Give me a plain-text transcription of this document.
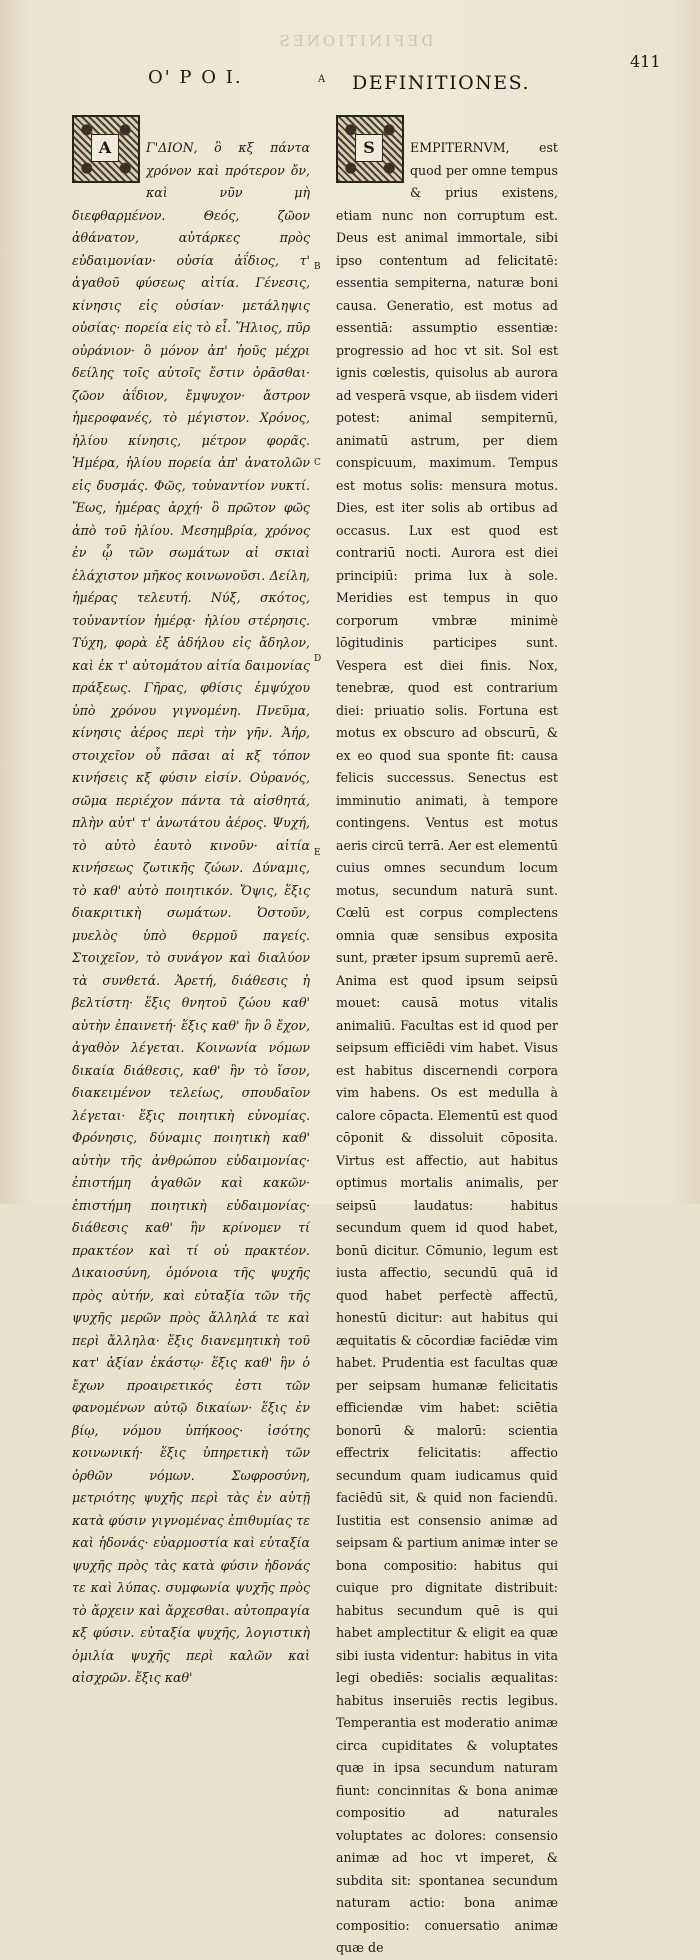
DEFINITIONES
411
Ο' Ρ Ο Ι.	A DEFINITIONES.

A	Γ'ΔΙΟΝ, ὃ κξ πάντα χρόνον καὶ πρότερον ὄν, καὶ νῦν μὴ διεφθαρμένον. Θεός, ζῶον ἀθάνατον, αὐτάρκες πρὸς εὐδαιμονίαν· οὐσία ἀΐδιος, τ' ἀγαθοῦ φύσεως αἰτία. Γένεσις, κίνησις εἰς οὐσίαν· μετάληψις οὐσίας· πορεία εἰς τὸ εἶ. Ἥλιος, πῦρ οὐράνιον· ὃ μόνον ἀπ' ἠοῦς μέχρι δείλης τοῖς αὐτοῖς ἔστιν ὁρᾶσθαι· ζῶον ἀΐδιον, ἔμψυχον· ἄστρον ἡμεροφανές, τὸ μέγιστον. Χρόνος, ἡλίου κίνησις, μέτρον φορᾶς. Ἡμέρα, ἡλίου πορεία ἀπ' ἀνατολῶν εἰς δυσμάς. Φῶς, τοὐναντίον νυκτί. Ἕως, ἡμέρας ἀρχή· ὃ πρῶτον φῶς ἀπὸ τοῦ ἡλίου. Μεσημβρία, χρόνος ἐν ᾧ τῶν σωμάτων αἱ σκιαὶ ἐλάχιστον μῆκος κοινωνοῦσι. Δείλη, ἡμέρας τελευτή. Νύξ, σκότος, τοὐναντίον ἡμέρᾳ· ἡλίου στέρησις. Τύχη, φορὰ ἐξ ἀδήλου εἰς ἄδηλον, καὶ ἐκ τ' αὐτομάτου αἰτία δαιμονίας πράξεως. Γῆρας, φθίσις ἐμψύχου ὑπὸ χρόνου γιγνομένη. Πνεῦμα, κίνησις ἀέρος περὶ τὴν γῆν. Ἀήρ, στοιχεῖον οὗ πᾶσαι αἱ κξ τόπον κινήσεις κξ φύσιν εἰσίν. Οὐρανός, σῶμα περιέχον πάντα τὰ αἰσθητά, πλὴν αὐτ' τ' ἀνωτάτου ἀέρος. Ψυχή, τὸ αὐτὸ ἑαυτὸ κινοῦν· αἰτία κινήσεως ζωτικῆς ζώων. Δύναμις, τὸ καθ' αὑτὸ ποιητικόν. Ὄψις, ἕξις διακριτικὴ σωμάτων. Ὀστοῦν, μυελὸς ὑπὸ θερμοῦ παγείς. Στοιχεῖον, τὸ συνάγον καὶ διαλύον τὰ συνθετά. Ἀρετή, διάθεσις ἡ βελτίστη· ἕξις θνητοῦ ζώου καθ' αὑτὴν ἐπαινετή· ἕξις καθ' ἣν ὃ ἔχον, ἀγαθὸν λέγεται. Κοινωνία νόμων δικαία διάθεσις, καθ' ἣν τὸ ἴσον, διακειμένον τελείως, σπουδαῖον λέγεται· ἕξις ποιητικὴ εὐνομίας. Φρόνησις, δύναμις ποιητικὴ καθ' αὑτὴν τῆς ἀνθρώπου εὐδαιμονίας· ἐπιστήμη ἀγαθῶν καὶ κακῶν· ἐπιστήμη ποιητικὴ εὐδαιμονίας· διάθεσις καθ' ἣν κρίνομεν τί πρακτέον καὶ τί οὐ πρακτέον. Δικαιοσύνη, ὁμόνοια τῆς ψυχῆς πρὸς αὑτήν, καὶ εὐταξία τῶν τῆς ψυχῆς μερῶν πρὸς ἄλληλά τε καὶ περὶ ἄλληλα· ἕξις διανεμητικὴ τοῦ κατ' ἀξίαν ἑκάστῳ· ἕξις καθ' ἣν ὁ ἔχων προαιρετικός ἐστι τῶν φανομένων αὐτῷ δικαίων· ἕξις ἐν βίῳ, νόμου ὑπήκοος· ἰσότης κοινωνική· ἕξις ὑπηρετικὴ τῶν ὀρθῶν νόμων. Σωφροσύνη, μετριότης ψυχῆς περὶ τὰς ἐν αὐτῇ κατὰ φύσιν γιγνομένας ἐπιθυμίας τε καὶ ἡδονάς· εὐαρμοστία καὶ εὐταξία ψυχῆς πρὸς τὰς κατὰ φύσιν ἡδονάς τε καὶ λύπας. συμφωνία ψυχῆς πρὸς τὸ ἄρχειν καὶ ἄρχεσθαι. αὐτοπραγία κξ φύσιν. εὐταξία ψυχῆς, λογιστικὴ ὁμιλία ψυχῆς περὶ καλῶν καὶ αἰσχρῶν. ἕξις καθ'

S	EMPITERNVM, est quod per omne tempus & prius existens, etiam nunc non corruptum est. Deus est animal immortale, sibi ipso contentum ad felicitatē: essentia sempiterna, naturæ boni causa. Generatio, est motus ad essentiā: assumptio essentiæ: progressio ad hoc vt sit. Sol est ignis cœlestis, quisolus ab aurora ad vesperā vsque, ab iisdem videri potest: animal sempiternū, animatū astrum, per diem conspicuum, maximum. Tempus est motus solis: mensura motus. Dies, est iter solis ab ortibus ad occasus. Lux est quod est contrariū nocti. Aurora est diei principiū: prima lux à sole. Meridies est tempus in quo corporum vmbræ minimè lōgitudinis participes sunt. Vespera est diei finis. Nox, tenebræ, quod est contrarium diei: priuatio solis. Fortuna est motus ex obscuro ad obscurū, & ex eo quod sua sponte fit: causa felicis successus. Senectus est imminutio animati, à tempore contingens. Ventus est motus aeris circū terrā. Aer est elementū cuius omnes secundum locum motus, secundum naturā sunt. Cœlū est corpus complectens omnia quæ sensibus exposita sunt, præter ipsum supremū aerē. Anima est quod ipsum seipsū mouet: causā motus vitalis animaliū. Facultas est id quod per seipsum efficiēdi vim habet. Visus est habitus discernendi corpora vim habens. Os est medulla à calore cōpacta. Elementū est quod cōponit & dissoluit cōposita. Virtus est affectio, aut habitus optimus mortalis animalis, per seipsū laudatus: habitus secundum quem id quod habet, bonū dicitur. Cōmunio, legum est iusta affectio, secundū quā id quod habet perfectè affectū, honestū dicitur: aut habitus qui æquitatis & cōcordiæ faciēdæ vim habet. Prudentia est facultas quæ per seipsam humanæ felicitatis efficiendæ vim habet: sciētia bonorū & malorū: scientia effectrix felicitatis: affectio secundum quam iudicamus quid faciēdū sit, & quid non faciendū. Iustitia est consensio animæ ad seipsam & partium animæ inter se bona compositio: habitus qui cuique pro dignitate distribuit: habitus secundum quē is qui habet amplectitur & eligit ea quæ sibi iusta videntur: habitus in vita legi obediēs: socialis æqualitas: habitus inseruiēs rectis legibus. Temperantia est moderatio animæ circa cupiditates & voluptates quæ in ipsa secundum naturam fiunt: concinnitas & bona animæ compositio ad naturales voluptates ac dolores: consensio animæ ad hoc vt imperet, & subdita sit: spontanea secundum naturam actio: bona animæ compositio: conuersatio animæ quæ de

B
C
D
E
